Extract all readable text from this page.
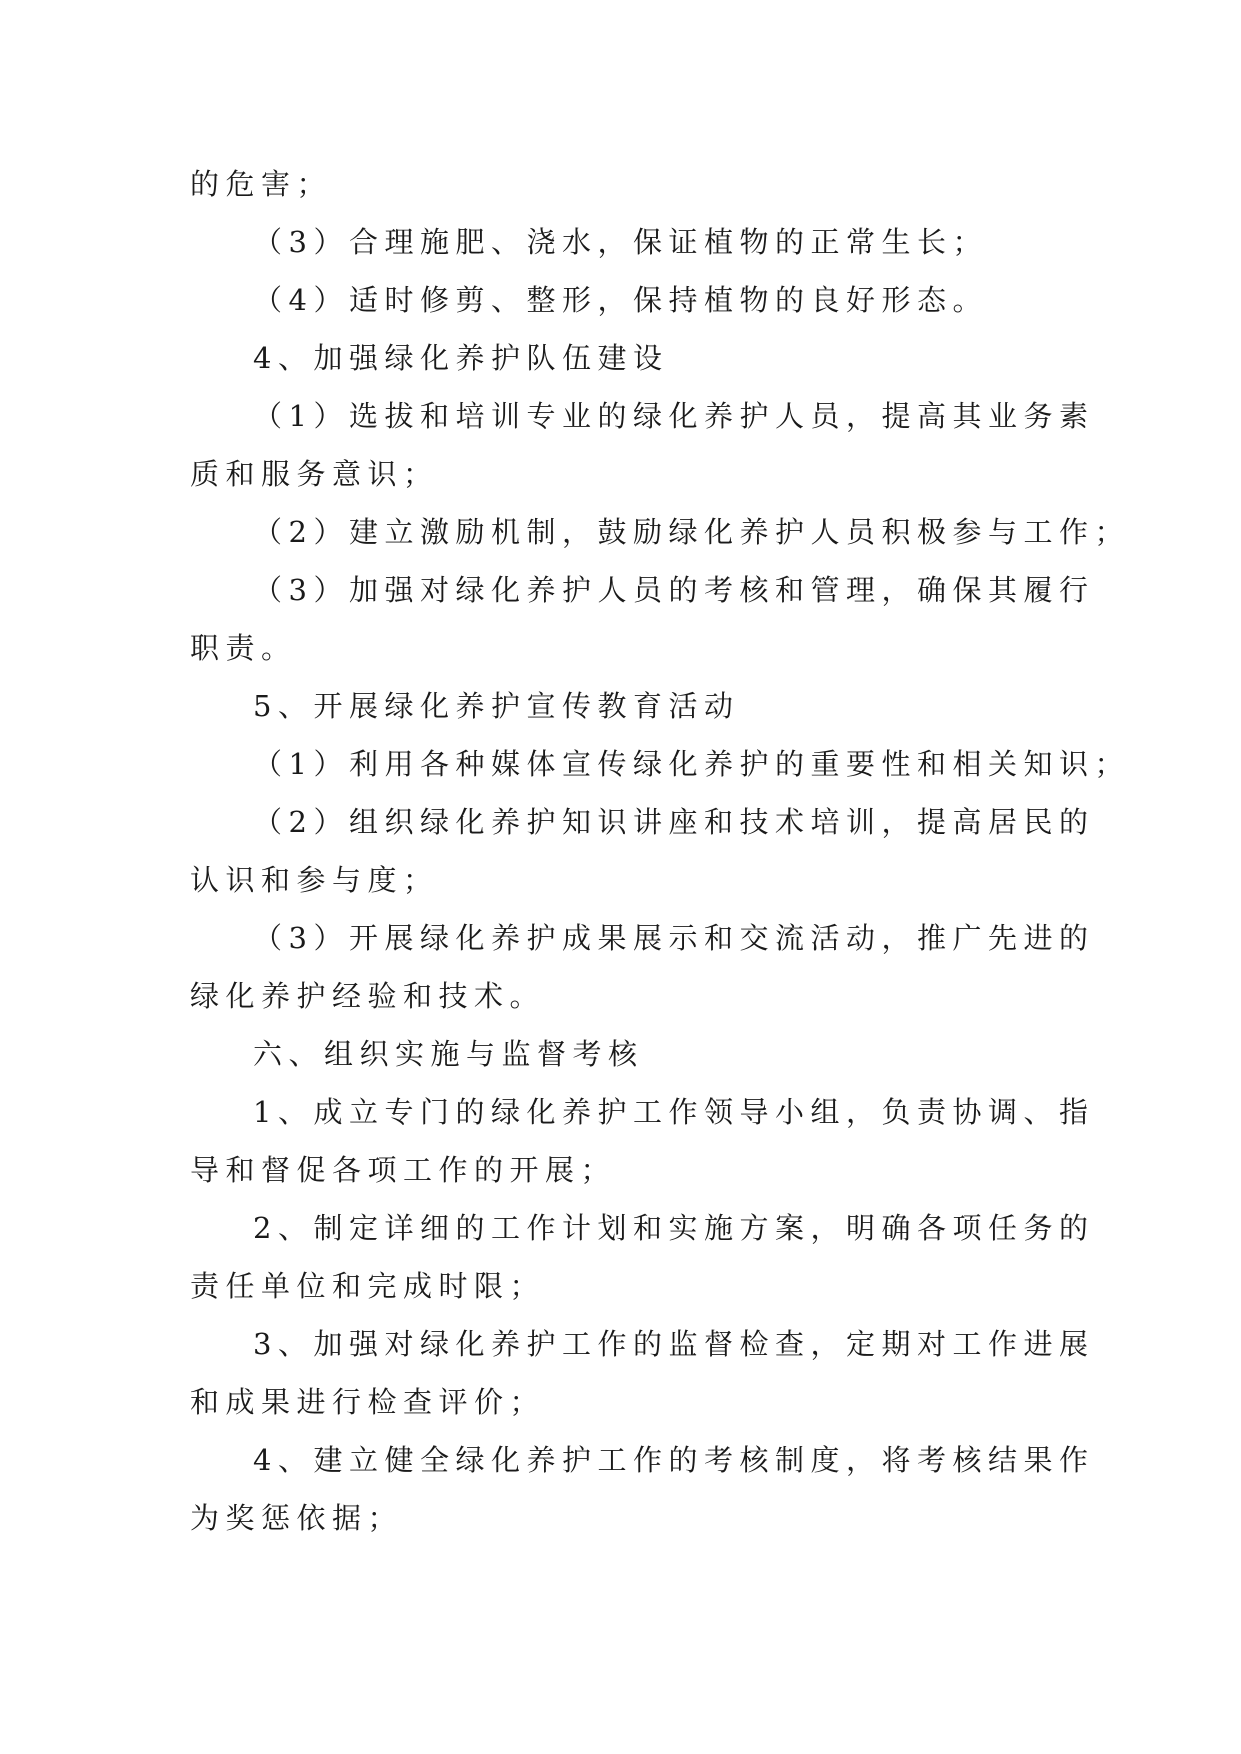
的危害；
（3）合理施肥、浇水，保证植物的正常生长；
（4）适时修剪、整形，保持植物的良好形态。
4、加强绿化养护队伍建设
（1）选拔和培训专业的绿化养护人员，提高其业务素
质和服务意识；
（2）建立激励机制，鼓励绿化养护人员积极参与工作；
（3）加强对绿化养护人员的考核和管理，确保其履行
职责。
5、开展绿化养护宣传教育活动
（1）利用各种媒体宣传绿化养护的重要性和相关知识；
（2）组织绿化养护知识讲座和技术培训，提高居民的
认识和参与度；
（3）开展绿化养护成果展示和交流活动，推广先进的
绿化养护经验和技术。
六、组织实施与监督考核
1、成立专门的绿化养护工作领导小组，负责协调、指
导和督促各项工作的开展；
2、制定详细的工作计划和实施方案，明确各项任务的
责任单位和完成时限；
3、加强对绿化养护工作的监督检查，定期对工作进展
和成果进行检查评价；
4、建立健全绿化养护工作的考核制度，将考核结果作
为奖惩依据；
